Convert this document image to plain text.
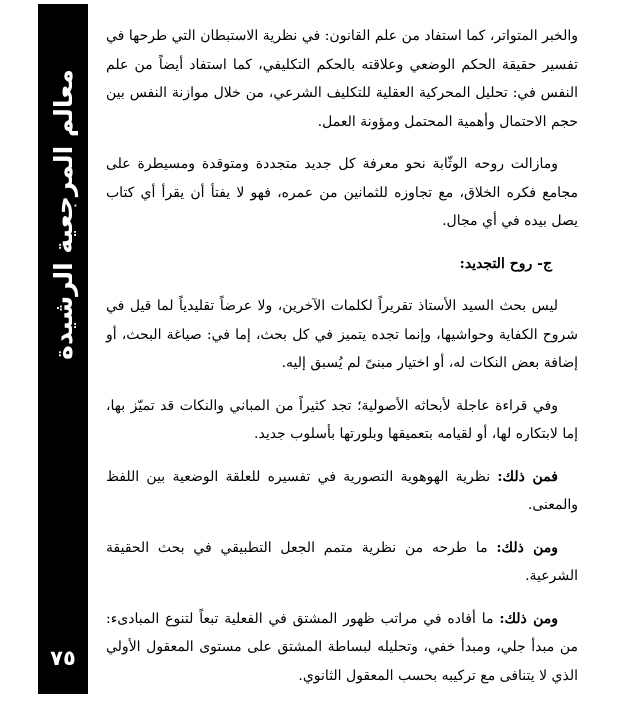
معالم المرجعية الرشيدة
٧٥

والخبر المتواتر، كما استفاد من علم القانون: في نظرية الاستبطان التي طرحها في تفسير حقيقة الحكم الوضعي وعلاقته بالحكم التكليفي، كما استفاد أيضاً من علم النفس في: تحليل المحركية العقلية للتكليف الشرعي، من خلال موازنة النفس بين حجم الاحتمال وأهمية المحتمل ومؤونة العمل.

ومازالت روحه الوثّابة نحو معرفة كل جديد متجددة ومتوقدة ومسيطرة على مجامع فكره الخلاق، مع تجاوزه للثمانين من عمره، فهو لا يفتأ أن يقرأ أي كتاب يصل بيده في أي مجال.

ج- روح التجديد:

ليس بحث السيد الأستاذ تقريراً لكلمات الآخرين، ولا عرضاً تقليدياً لما قيل في شروح الكفاية وحواشيها، وإنما تجده يتميز في كل بحث، إما في: صياغة البحث، أو إضافة بعض النكات له، أو اختيار مبنىً لم يُسبق إليه.

وفي قراءة عاجلة لأبحاثه الأصولية؛ تجد كثيراً من المباني والنكات قد تميّز بها، إما لابتكاره لها، أو لقيامه بتعميقها وبلورتها بأسلوب جديد.

فمن ذلك: نظرية الهوهوية التصورية في تفسيره للعلقة الوضعية بين اللفظ والمعنى.

ومن ذلك: ما طرحه من نظرية متمم الجعل التطبيقي في بحث الحقيقة الشرعية.

ومن ذلك: ما أفاده في مراتب ظهور المشتق في الفعلية تبعاً لتنوع المبادىء: من مبدأ جلي، ومبدأ خفي، وتحليله لبساطة المشتق على مستوى المعقول الأولي الذي لا يتنافى مع تركيبه بحسب المعقول الثانوي.
